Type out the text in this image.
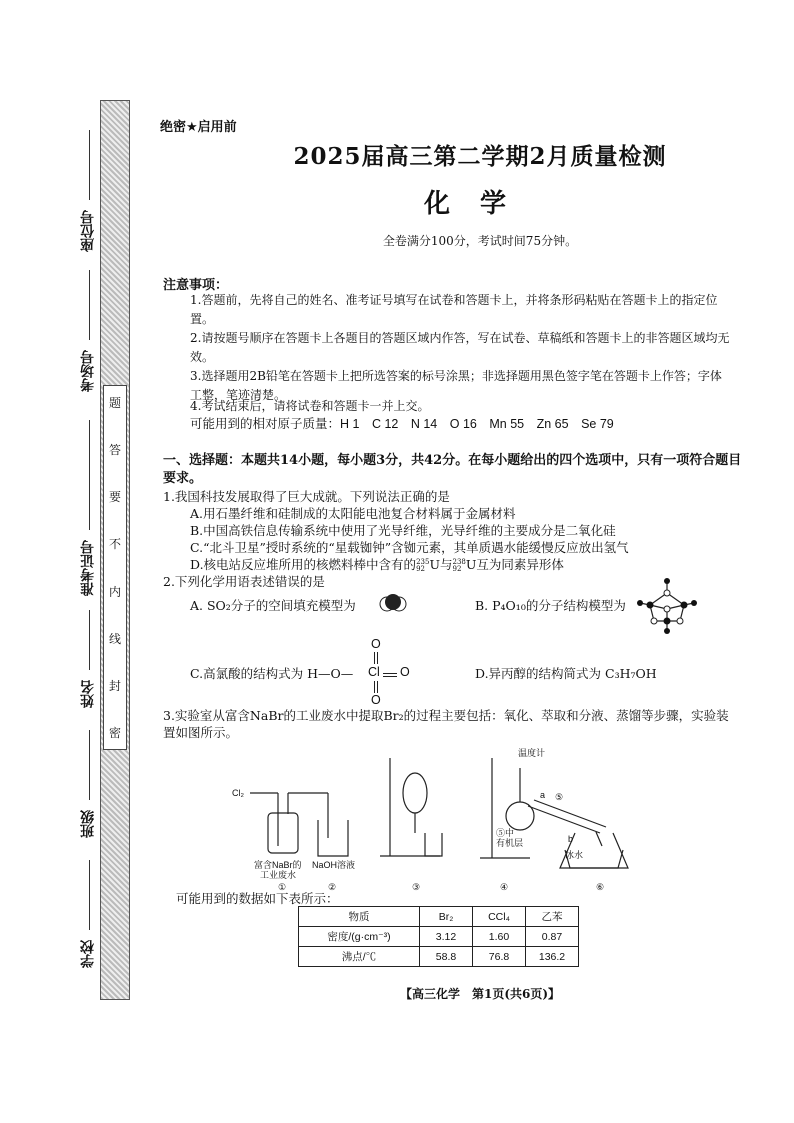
座位号
考场号
准考证号
姓名
班级
学校
题
答
要
不
内
线
封
密
绝密★启用前
2025届高三第二学期2月质量检测
化学
全卷满分100分，考试时间75分钟。
注意事项：
1.答题前，先将自己的姓名、准考证号填写在试卷和答题卡上，并将条形码粘贴在答题卡上的指定位置。
2.请按题号顺序在答题卡上各题目的答题区域内作答，写在试卷、草稿纸和答题卡上的非答题区域均无效。
3.选择题用2B铅笔在答题卡上把所选答案的标号涂黑；非选择题用黑色签字笔在答题卡上作答；字体工整，笔迹清楚。
4.考试结束后，请将试卷和答题卡一并上交。
可能用到的相对原子质量：H 1　C 12　N 14　O 16　Mn 55　Zn 65　Se 79
一、选择题：本题共14小题，每小题3分，共42分。在每小题给出的四个选项中，只有一项符合题目要求。
1.我国科技发展取得了巨大成就。下列说法正确的是
A.用石墨纤维和硅制成的太阳能电池复合材料属于金属材料
B.中国高铁信息传输系统中使用了光导纤维，光导纤维的主要成分是二氧化硅
C.“北斗卫星”授时系统的“星载铷钟”含铷元素，其单质遇水能缓慢反应放出氢气
D.核电站反应堆所用的核燃料棒中含有的 235
92 U与 238
92 U互为同素异形体
2.下列化学用语表述错误的是
A. SO₂分子的空间填充模型为	B. P₄O₁₀的分子结构模型为
C.高氯酸的结构式为 H—O—
O
Cl O
O
D.异丙醇的结构简式为 C₃H₇OH
3.实验室从富含NaBr的工业废水中提取Br₂的过程主要包括：氧化、萃取和分液、蒸馏等步骤，实验装置如图所示。
Cl₂
温度计
富含NaBr的
工业废水
NaOH溶液
⑤中
有机层
冰水
a
b
①	②	③	④
⑤
⑥
可能用到的数据如下表所示：
物质	Br₂	CCl₄	乙苯
密度/(g·cm⁻³)	3.12	1.60	0.87
沸点/℃	58.8	76.8	136.2
【高三化学　第1页(共6页)】
